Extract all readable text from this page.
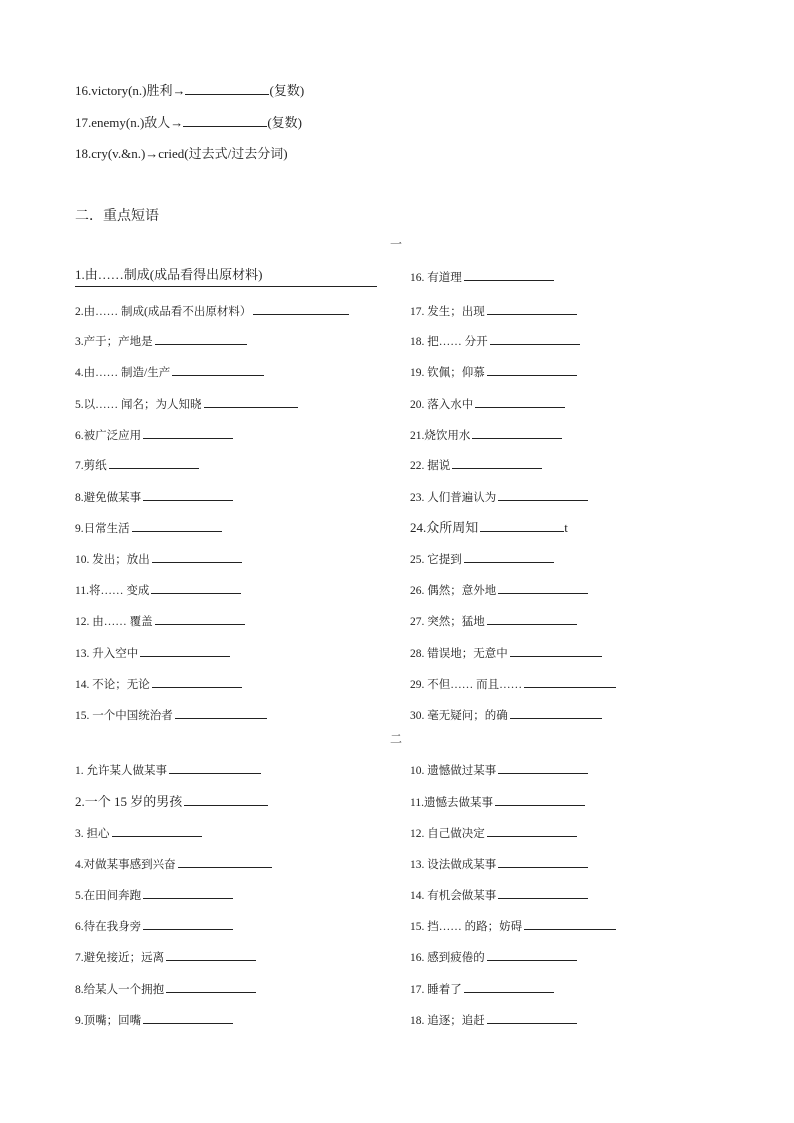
16.victory(n.)胜利→	(复数)
17.enemy(n.)敌人→	(复数)
18.cry(v.&n.)→cried(过去式/过去分词)
二．重点短语
一
1.由……制成(成品看得出原材料)
2.由…… 制成(成品看不出原材料）
3.产于；产地是
4.由…… 制造/生产
5.以…… 闻名；为人知晓
6.被广泛应用
7.剪纸
8.避免做某事
9.日常生活
10. 发出；放出
11.将…… 变成
12. 由…… 覆盖
13. 升入空中
14. 不论；无论
15. 一个中国统治者
16. 有道理
17. 发生；出现
18. 把…… 分开
19. 钦佩；仰慕
20. 落入水中
21.烧饮用水
22. 据说
23. 人们普遍认为
24.众所周知	t
25. 它提到
26. 偶然；意外地
27. 突然；猛地
28. 错误地；无意中
29. 不但…… 而且……
30. 毫无疑问；的确
二
1. 允许某人做某事
2.一个 15 岁的男孩
3. 担心
4.对做某事感到兴奋
5.在田间奔跑
6.待在我身旁
7.避免接近；远离
8.给某人一个拥抱
9.顶嘴；回嘴
10. 遗憾做过某事
11.遗憾去做某事
12. 自己做决定
13. 设法做成某事
14. 有机会做某事
15. 挡…… 的路；妨碍
16. 感到疲倦的
17. 睡着了
18. 追逐；追赶
